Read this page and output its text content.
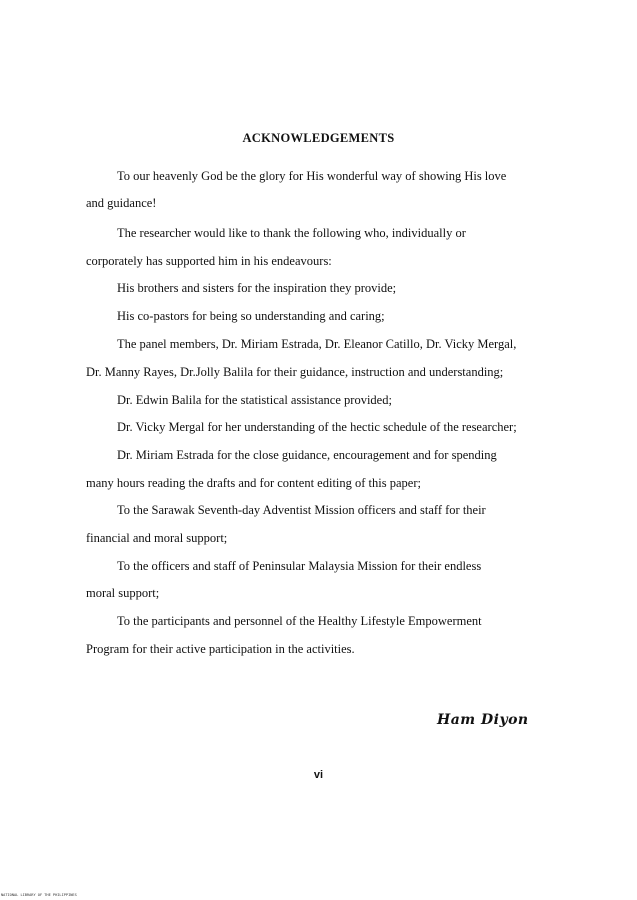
ACKNOWLEDGEMENTS
To our heavenly God be the glory for His wonderful way of showing His love
and guidance!
The researcher would like to thank the following who, individually or
corporately has supported him in his endeavours:
His brothers and sisters for the inspiration they provide;
His co-pastors for being so understanding and caring;
The panel members, Dr. Miriam Estrada, Dr. Eleanor Catillo, Dr. Vicky Mergal,
Dr. Manny Rayes, Dr.Jolly Balila for their guidance, instruction and understanding;
Dr. Edwin Balila for the statistical assistance provided;
Dr. Vicky Mergal for her understanding of the hectic schedule of the researcher;
Dr. Miriam Estrada for the close guidance, encouragement and for spending
many hours reading the drafts and for content editing of this paper;
To the Sarawak Seventh-day Adventist Mission officers and staff for their
financial and moral support;
To the officers and staff of Peninsular Malaysia Mission for their endless
moral support;
To the participants and personnel of the Healthy Lifestyle Empowerment
Program for their active participation in the activities.
Ham Diyon
vi
NATIONAL LIBRARY OF THE PHILIPPINES
